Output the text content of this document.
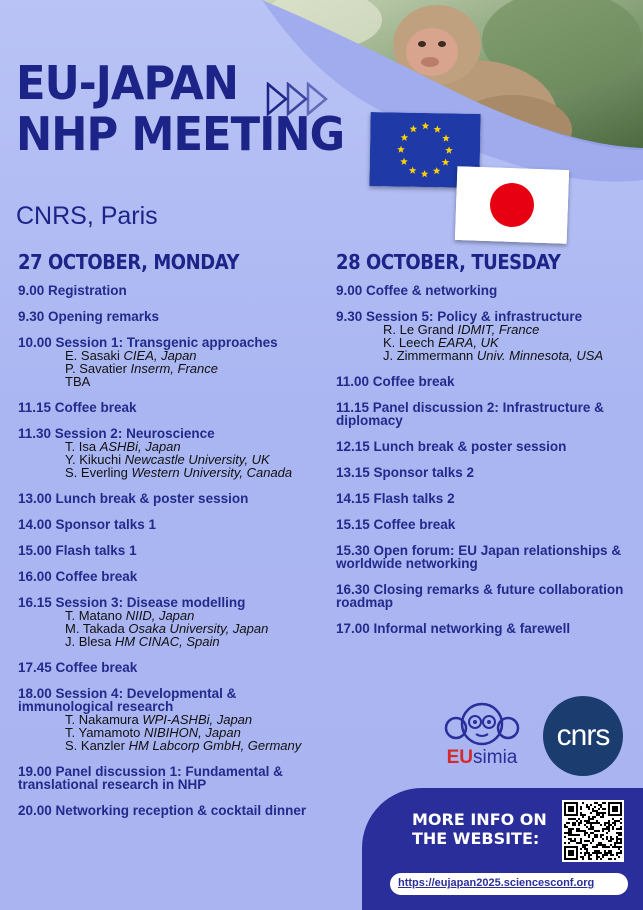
EU-JAPAN
NHP MEETING
CNRS, Paris
27 OCTOBER, MONDAY
9.00 Registration
9.30 Opening remarks
10.00 Session 1: Transgenic approaches
E. Sasaki CIEA, Japan
P. Savatier Inserm, France
TBA
11.15 Coffee break
11.30 Session 2: Neuroscience
T. Isa ASHBi, Japan
Y. Kikuchi Newcastle University, UK
S. Everling Western University, Canada
13.00 Lunch break & poster session
14.00 Sponsor talks 1
15.00 Flash talks 1
16.00 Coffee break
16.15 Session 3: Disease modelling
T. Matano NIID, Japan
M. Takada Osaka University, Japan
J. Blesa HM CINAC, Spain
17.45 Coffee break
18.00 Session 4: Developmental & immunological research
T. Nakamura WPI-ASHBi, Japan
T. Yamamoto NIBIHON, Japan
S. Kanzler HM Labcorp GmbH, Germany
19.00 Panel discussion 1: Fundamental & translational research in NHP
20.00 Networking reception & cocktail dinner
28 OCTOBER, TUESDAY
9.00 Coffee & networking
9.30 Session 5: Policy & infrastructure
R. Le Grand IDMIT, France
K. Leech EARA, UK
J. Zimmermann Univ. Minnesota, USA
11.00 Coffee break
11.15 Panel discussion 2: Infrastructure & diplomacy
12.15 Lunch break & poster session
13.15 Sponsor talks 2
14.15 Flash talks 2
15.15 Coffee break
15.30 Open forum: EU Japan relationships & worldwide networking
16.30 Closing remarks & future collaboration roadmap
17.00 Informal networking & farewell
EUsimia
cnrs
MORE INFO ON
THE WEBSITE:
https://eujapan2025.sciencesconf.org
